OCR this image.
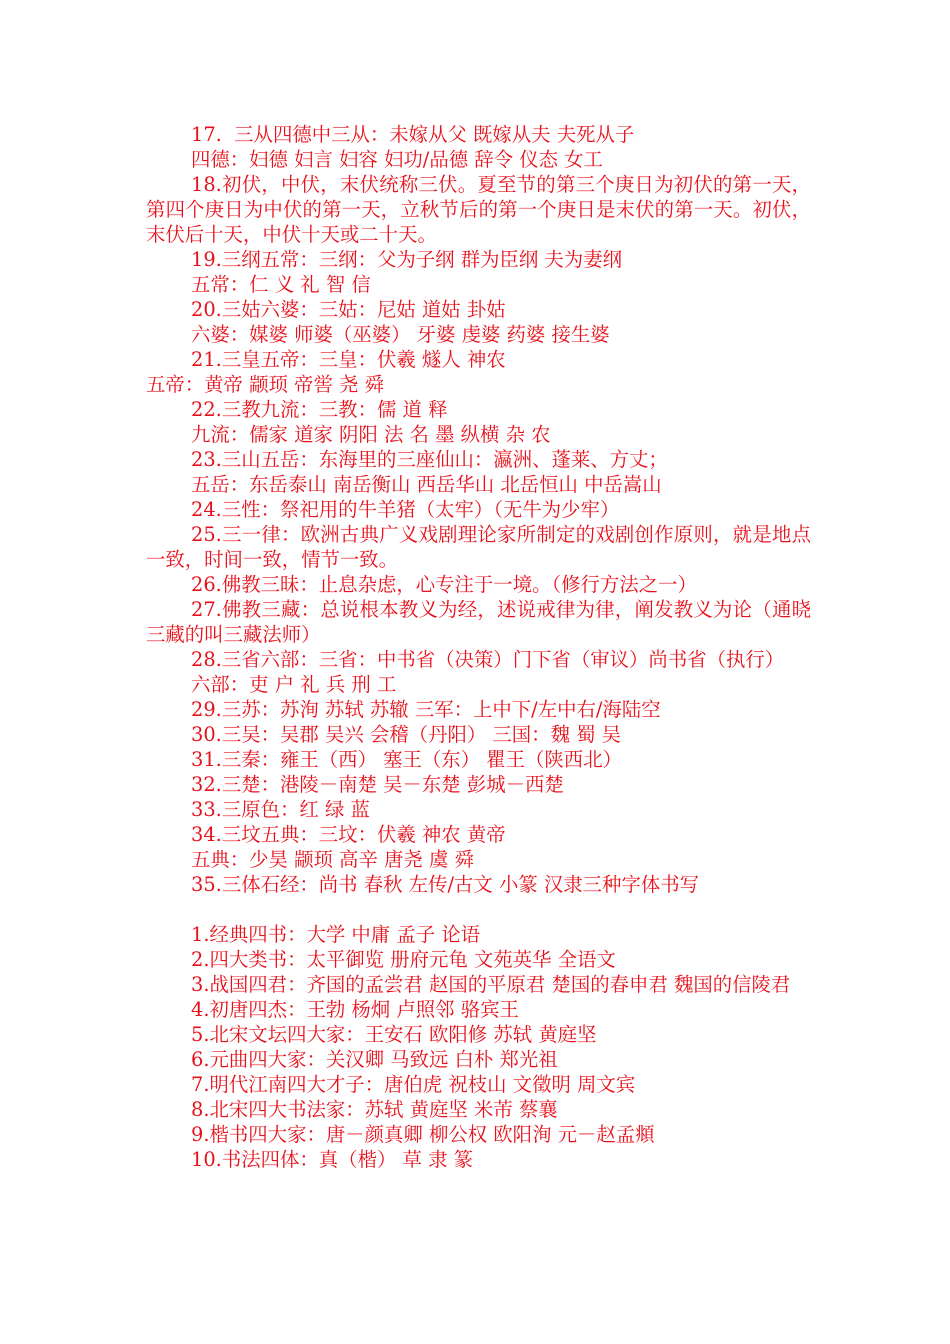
17.  三从四德中三从：未嫁从父 既嫁从夫 夫死从子
四德：妇德 妇言 妇容 妇功/品德 辞令 仪态 女工
18.初伏，中伏，末伏统称三伏。夏至节的第三个庚日为初伏的第一天，第四个庚日为中伏的第一天，立秋节后的第一个庚日是末伏的第一天。初伏，末伏后十天，中伏十天或二十天。
19.三纲五常：三纲：父为子纲 群为臣纲 夫为妻纲
五常：仁 义 礼 智 信
20.三姑六婆：三姑：尼姑 道姑 卦姑
六婆：媒婆 师婆（巫婆） 牙婆 虔婆 药婆 接生婆
21.三皇五帝：三皇：伏羲 燧人 神农
五帝：黄帝 颛顼 帝喾 尧 舜
22.三教九流：三教：儒 道 释
九流：儒家 道家 阴阳 法 名 墨 纵横 杂 农
23.三山五岳：东海里的三座仙山：瀛洲、蓬莱、方丈；
五岳：东岳泰山 南岳衡山 西岳华山 北岳恒山 中岳嵩山
24.三性：祭祀用的牛羊猪（太牢）（无牛为少牢）
25.三一律：欧洲古典广义戏剧理论家所制定的戏剧创作原则，就是地点一致，时间一致，情节一致。
26.佛教三昧：止息杂虑，心专注于一境。（修行方法之一）
27.佛教三藏：总说根本教义为经，述说戒律为律，阐发教义为论（通晓三藏的叫三藏法师）
28.三省六部：三省：中书省（决策）门下省（审议）尚书省（执行）
六部：吏 户 礼 兵 刑 工
29.三苏：苏洵 苏轼 苏辙 三军：上中下/左中右/海陆空
30.三吴：吴郡 吴兴 会稽（丹阳） 三国：魏 蜀 吴
31.三秦：雍王（西） 塞王（东） 瞿王（陕西北）
32.三楚：港陵－南楚 吴－东楚 彭城－西楚
33.三原色：红 绿 蓝
34.三坟五典：三坟：伏羲 神农 黄帝
五典：少昊 颛顼 高辛 唐尧 虞 舜
35.三体石经：尚书 春秋 左传/古文 小篆 汉隶三种字体书写
1.经典四书：大学 中庸 孟子 论语
2.四大类书：太平御览 册府元龟 文苑英华 全语文
3.战国四君：齐国的孟尝君 赵国的平原君 楚国的春申君 魏国的信陵君
4.初唐四杰：王勃 杨炯 卢照邻 骆宾王
5.北宋文坛四大家：王安石 欧阳修 苏轼 黄庭坚
6.元曲四大家：关汉卿 马致远 白朴 郑光祖
7.明代江南四大才子：唐伯虎 祝枝山 文徵明 周文宾
8.北宋四大书法家：苏轼 黄庭坚 米芾 蔡襄
9.楷书四大家：唐－颜真卿 柳公权 欧阳洵 元－赵孟頫
10.书法四体：真（楷） 草 隶 篆
